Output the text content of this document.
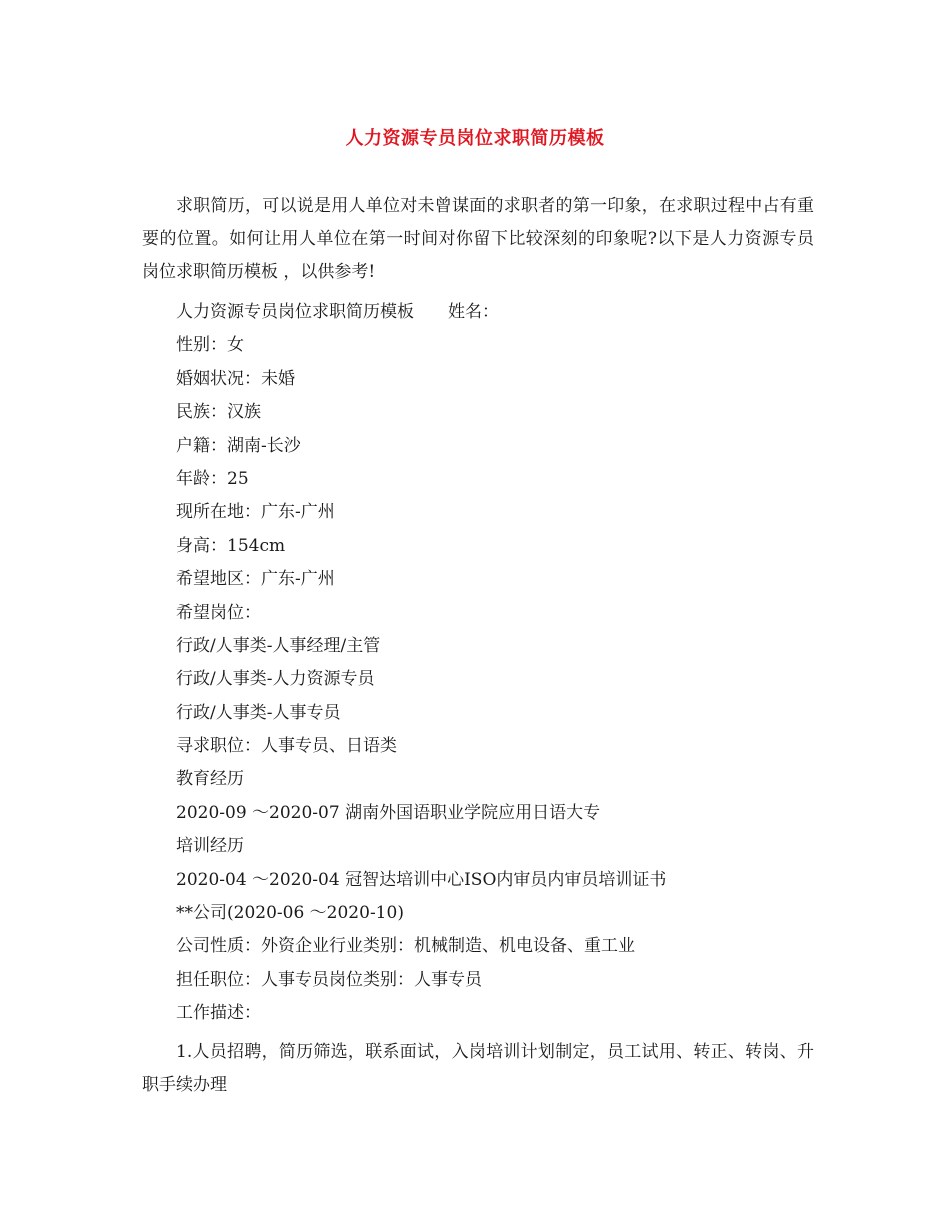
人力资源专员岗位求职简历模板

求职简历，可以说是用人单位对未曾谋面的求职者的第一印象，在求职过程中占有重要的位置。如何让用人单位在第一时间对你留下比较深刻的印象呢?以下是人力资源专员岗位求职简历模板 ，以供参考!

人力资源专员岗位求职简历模板 姓名：
性别：女
婚姻状况：未婚
民族：汉族
户籍：湖南-长沙
年龄：25
现所在地：广东-广州
身高：154cm
希望地区：广东-广州
希望岗位：
行政/人事类-人事经理/主管
行政/人事类-人力资源专员
行政/人事类-人事专员
寻求职位：人事专员、日语类
教育经历
2020-09 ～2020-07 湖南外国语职业学院应用日语大专
培训经历
2020-04 ～2020-04 冠智达培训中心ISO内审员内审员培训证书
**公司(2020-06 ～2020-10)
公司性质：外资企业行业类别：机械制造、机电设备、重工业
担任职位：人事专员岗位类别：人事专员
工作描述：

1.人员招聘，简历筛选，联系面试，入岗培训计划制定，员工试用、转正、转岗、升职手续办理
